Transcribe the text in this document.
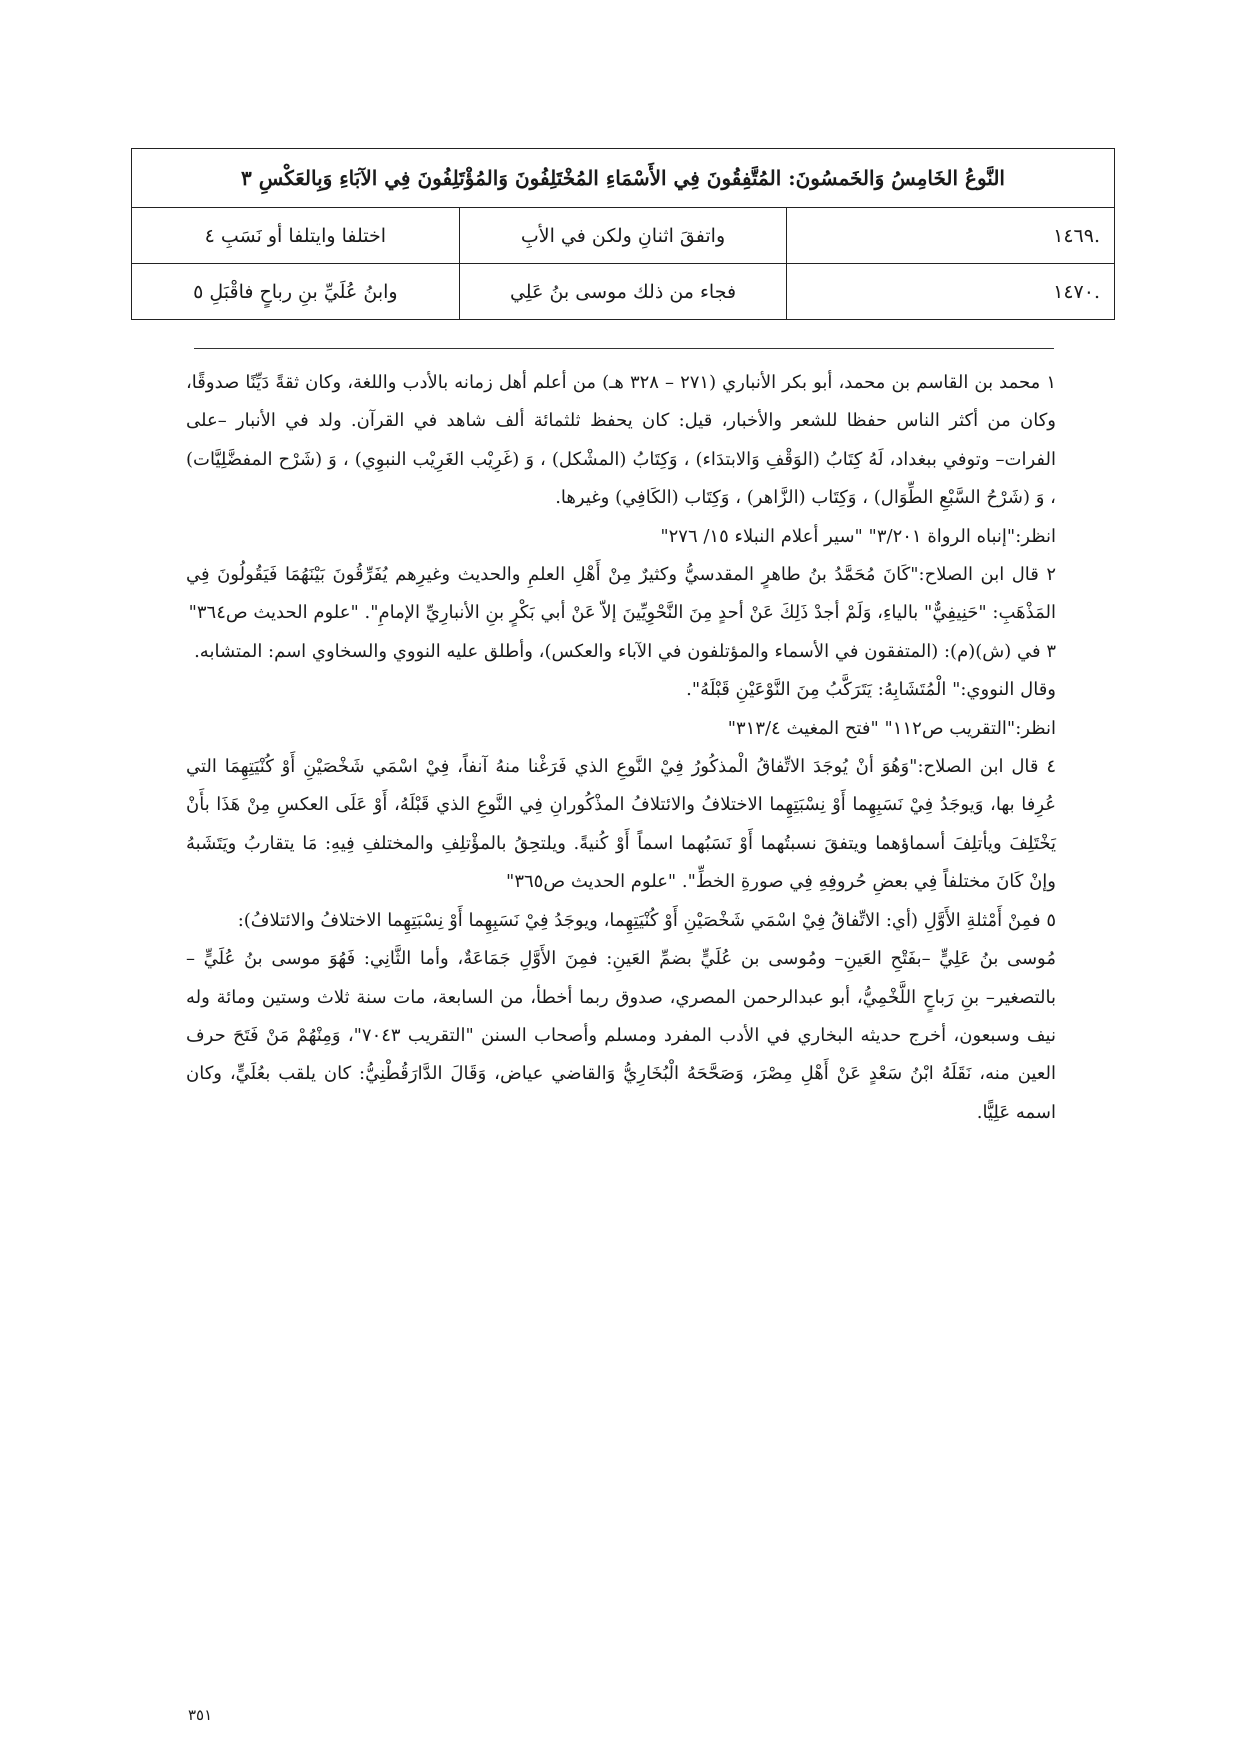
النَّوعُ الخَامِسُ وَالخَمسُونَ: المُتَّفِقُونَ فِي الأَسْمَاءِ المُخْتَلِفُونَ وَالمُؤْتَلِفُونَ فِي الآبَاءِ وَبِالعَكْسِ ٣		
.١٤٦٩	واتفقَ اثنانِ ولكن في الأبِ	اختلفا وايتلفا أو نَسَبِ ٤
.١٤٧٠	فجاء من ذلك موسى بنُ عَلِي	وابنُ عُلَيِّ بنِ رباحٍ فاقْبَلِ ٥

١ محمد بن القاسم بن محمد، أبو بكر الأنباري (٢٧١ – ٣٢٨ هـ) من أعلم أهل زمانه بالأدب واللغة، وكان ثقةً دَيِّنًا صدوقًا، وكان من أكثر الناس حفظا للشعر والأخبار، قيل: كان يحفظ ثلثمائة ألف شاهد في القرآن. ولد في الأنبار –على الفرات– وتوفي ببغداد، لَهُ كِتَابُ (الوَقْفِ وَالابتدَاء) ، وَكِتَابُ (المشْكل) ، وَ (غَرِيْب الغَرِيْب النبوِي) ، وَ (شَرْح المفضَّلِيَّات) ، وَ (شَرْحُ السَّبْعِ الطِّوَال) ، وَكِتَاب (الزَّاهر) ، وَكِتَاب (الكَافِي) وغيرها.

انظر:"إنباه الرواة ٣/٢٠١" "سير أعلام النبلاء ١٥/ ٢٧٦"

٢ قال ابن الصلاح:"كَانَ مُحَمَّدُ بنُ طاهرٍ المقدسيُّ وكثيرٌ مِنْ أَهْلِ العلمِ والحديث وغيرِهم يُفَرِّقُونَ بَيْنَهُمَا فَيَقُولُونَ فِي المَذْهَبِ: "حَنِيفِيٌّ" بالياءِ، وَلَمْ أجدْ ذَلِكَ عَنْ أحدٍ مِنَ النَّحْوِيِّينَ إلاّ عَنْ أبي بَكْرٍ بنِ الأنبارِيِّ الإمامِ". "علوم الحديث ص٣٦٤"

٣ في (ش)(م): (المتفقون في الأسماء والمؤتلفون في الآباء والعكس)، وأطلق عليه النووي والسخاوي اسم: المتشابه.

وقال النووي:" الْمُتَشَابِهُ: يَتَرَكَّبُ مِنَ النَّوْعَيْنِ قَبْلَهُ".

انظر:"التقريب ص١١٢" "فتح المغيث ٣١٣/٤"

٤ قال ابن الصلاح:"وَهُوَ أنْ يُوجَدَ الاتِّفاقُ الْمذكُورُ فِيْ النَّوعِ الذي فَرَغْنا منهُ آنفاً، فِيْ اسْمَي شَخْصَيْنِ أَوْ كُنْيَتِهِمَا التي عُرِفا بها، وَيوجَدُ فِيْ نَسَبِهِما أَوْ نِسْبَتِهِما الاختلافُ والائتلافُ المذْكُورانِ فِي النَّوعِ الذي قَبْلَهُ، أَوْ عَلَى العكسِ مِنْ هَذَا بأَنْ يَخْتَلِفَ ويأتلِفَ أسماؤهما ويتفقَ نسبتُهما أَوْ نَسَبُهما اسماً أَوْ كُنيةً. ويلتحِقُ بالمؤْتلِفِ والمختلفِ فِيهِ: مَا يتقاربُ ويَتَشَبهُ وإنْ كَانَ مختلفاً فِي بعضِ حُروفِهِ فِي صورةِ الخطِّ". "علوم الحديث ص٣٦٥"

٥ فمِنْ أَمْثلةِ الأَوَّلِ (أي: الاتِّفاقُ فِيْ اسْمَي شَخْصَيْنِ أَوْ كُنْيَتِهِما، ويوجَدُ فِيْ نَسَبِهِما أَوْ نِسْبَتِهِما الاختلافُ والائتلافُ):

مُوسى بنُ عَلِيٍّ –بفَتْحِ العَينِ– ومُوسى بن عُلَيٍّ بضمِّ العَينِ: فمِنَ الأَوَّلِ جَمَاعَةٌ، وأما الثَّانِي: فَهُوَ موسى بنُ عُلَيٍّ – بالتصغير– بنِ رَباحٍ اللَّخْمِيُّ، أبو عبدالرحمن المصري، صدوق ربما أخطأ، من السابعة، مات سنة ثلاث وستين ومائة وله نيف وسبعون، أخرج حديثه البخاري في الأدب المفرد ومسلم وأصحاب السنن "التقريب ٧٠٤٣"، وَمِنْهُمْ مَنْ فَتَحَ حرف العين منه، نَقَلَهُ ابْنُ سَعْدٍ عَنْ أَهْلِ مِصْرَ، وَصَحَّحَهُ الْبُخَارِيُّ وَالقاضي عياض، وَقَالَ الدَّارَقُطْنِيُّ: كان يلقب بعُلَيٍّ، وكان اسمه عَلِيًّا.

٣٥١
